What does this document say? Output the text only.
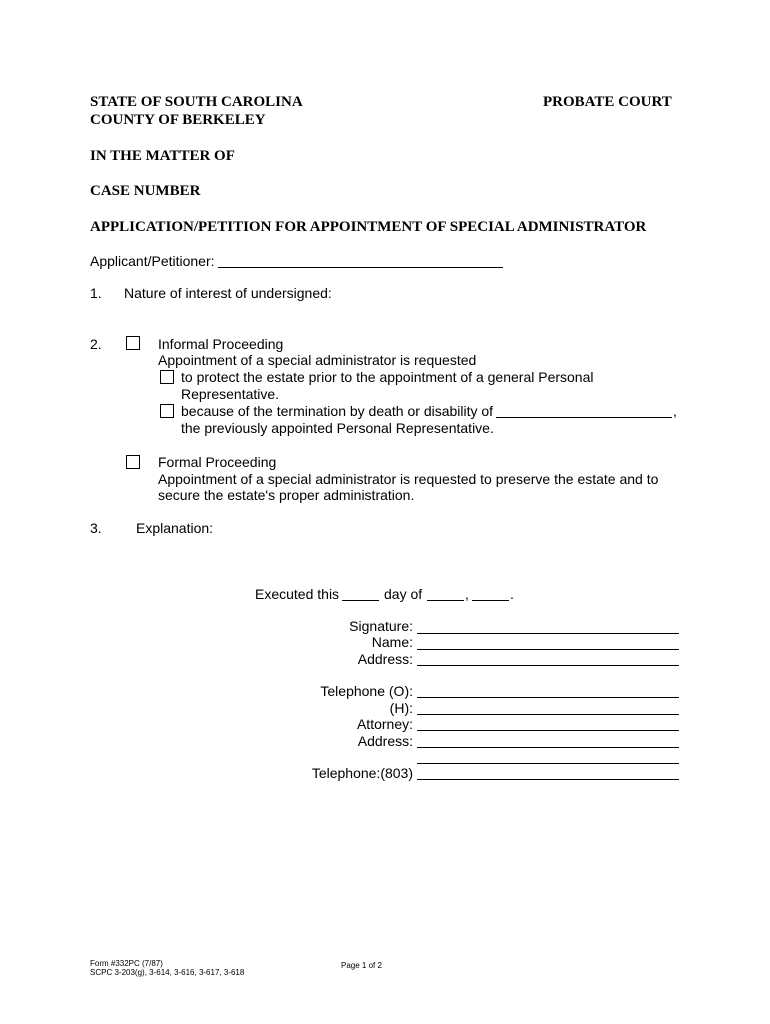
STATE OF SOUTH CAROLINA
COUNTY OF BERKELEY
PROBATE COURT
IN THE MATTER OF
CASE NUMBER
APPLICATION/PETITION FOR APPOINTMENT OF SPECIAL ADMINISTRATOR
Applicant/Petitioner:
1. Nature of interest of undersigned:
2.	Informal Proceeding
Appointment of a special administrator is requested
to protect the estate prior to the appointment of a general Personal
Representative.
because of the termination by death or disability of	,
the previously appointed Personal Representative.
Formal Proceeding
Appointment of a special administrator is requested to preserve the estate and to
secure the estate's proper administration.
3. Explanation:
Executed this	day of	,	.
Signature:
Name:
Address:
Telephone (O):
(H):
Attorney:
Address:
Telephone:(803)
Form #332PC (7/87)
SCPC 3-203(g), 3-614, 3-616, 3-617, 3-618
Page 1 of 2
